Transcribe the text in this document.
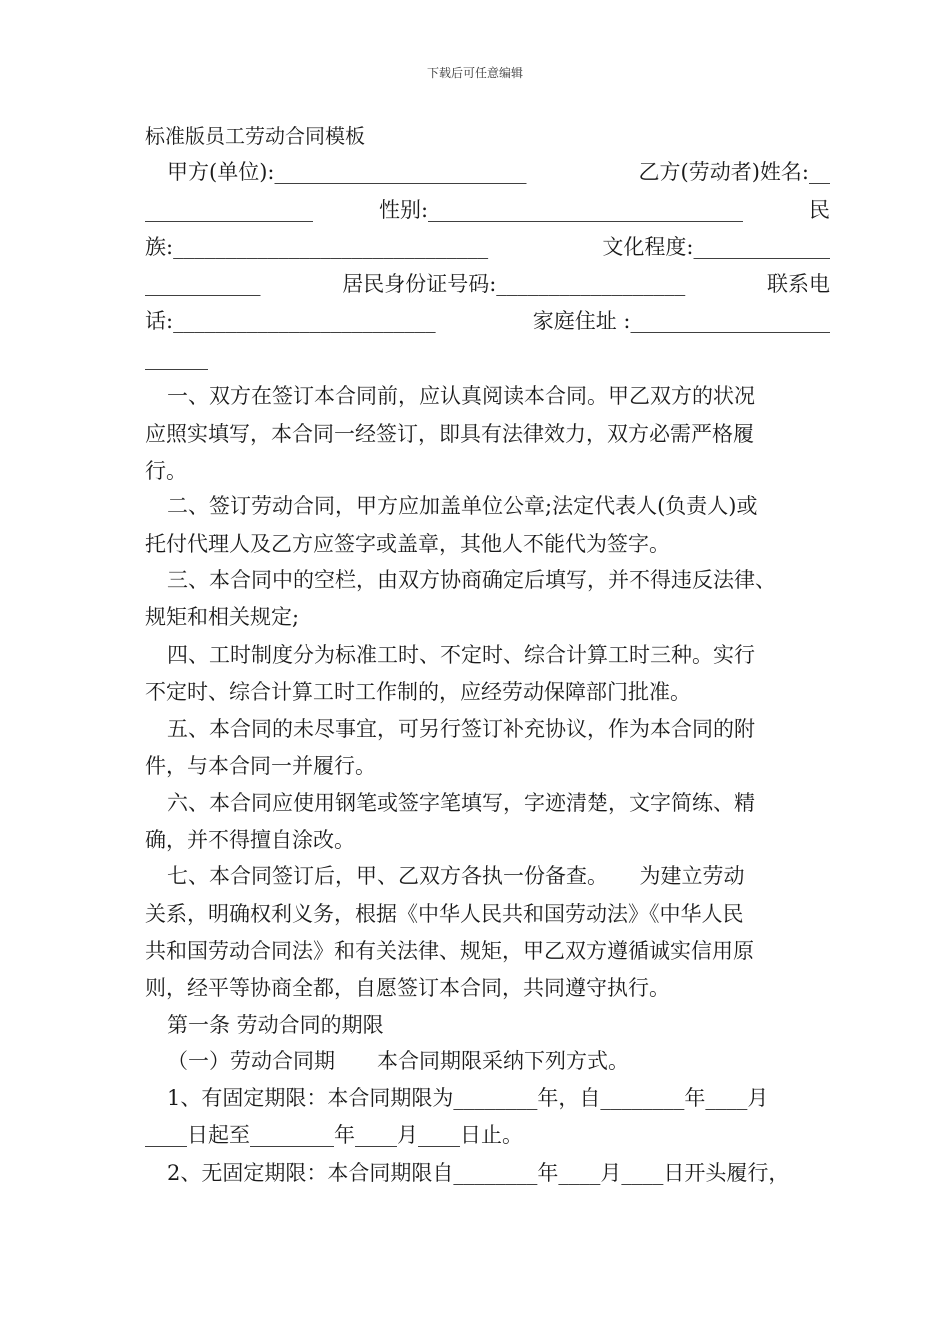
下载后可任意编辑
标准版员工劳动合同模板
甲方(单位):________________________	乙方(劳动者)姓名:__
________________	性别:______________________________	民
族:______________________________	文化程度:_____________
___________	居民身份证号码:__________________	联系电
话:_________________________	家庭住址 :___________________
______
一、双方在签订本合同前，应认真阅读本合同。甲乙双方的状况
应照实填写，本合同一经签订，即具有法律效力，双方必需严格履
行。
二、签订劳动合同，甲方应加盖单位公章;法定代表人(负责人)或
托付代理人及乙方应签字或盖章，其他人不能代为签字。
三、本合同中的空栏，由双方协商确定后填写，并不得违反法律、
规矩和相关规定;
四、工时制度分为标准工时、不定时、综合计算工时三种。实行
不定时、综合计算工时工作制的，应经劳动保障部门批准。
五、本合同的未尽事宜，可另行签订补充协议，作为本合同的附
件，与本合同一并履行。
六、本合同应使用钢笔或签字笔填写，字迹清楚，文字简练、精
确，并不得擅自涂改。
七、本合同签订后，甲、乙双方各执一份备查。　　为建立劳动
关系，明确权利义务，根据《中华人民共和国劳动法》《中华人民
共和国劳动合同法》和有关法律、规矩，甲乙双方遵循诚实信用原
则，经平等协商全都，自愿签订本合同，共同遵守执行。
第一条 劳动合同的期限
（一）劳动合同期　　本合同期限采纳下列方式。
1、有固定期限：本合同期限为________年，自________年____月
____日起至________年____月____日止。
2、无固定期限：本合同期限自________年____月____日开头履行，
